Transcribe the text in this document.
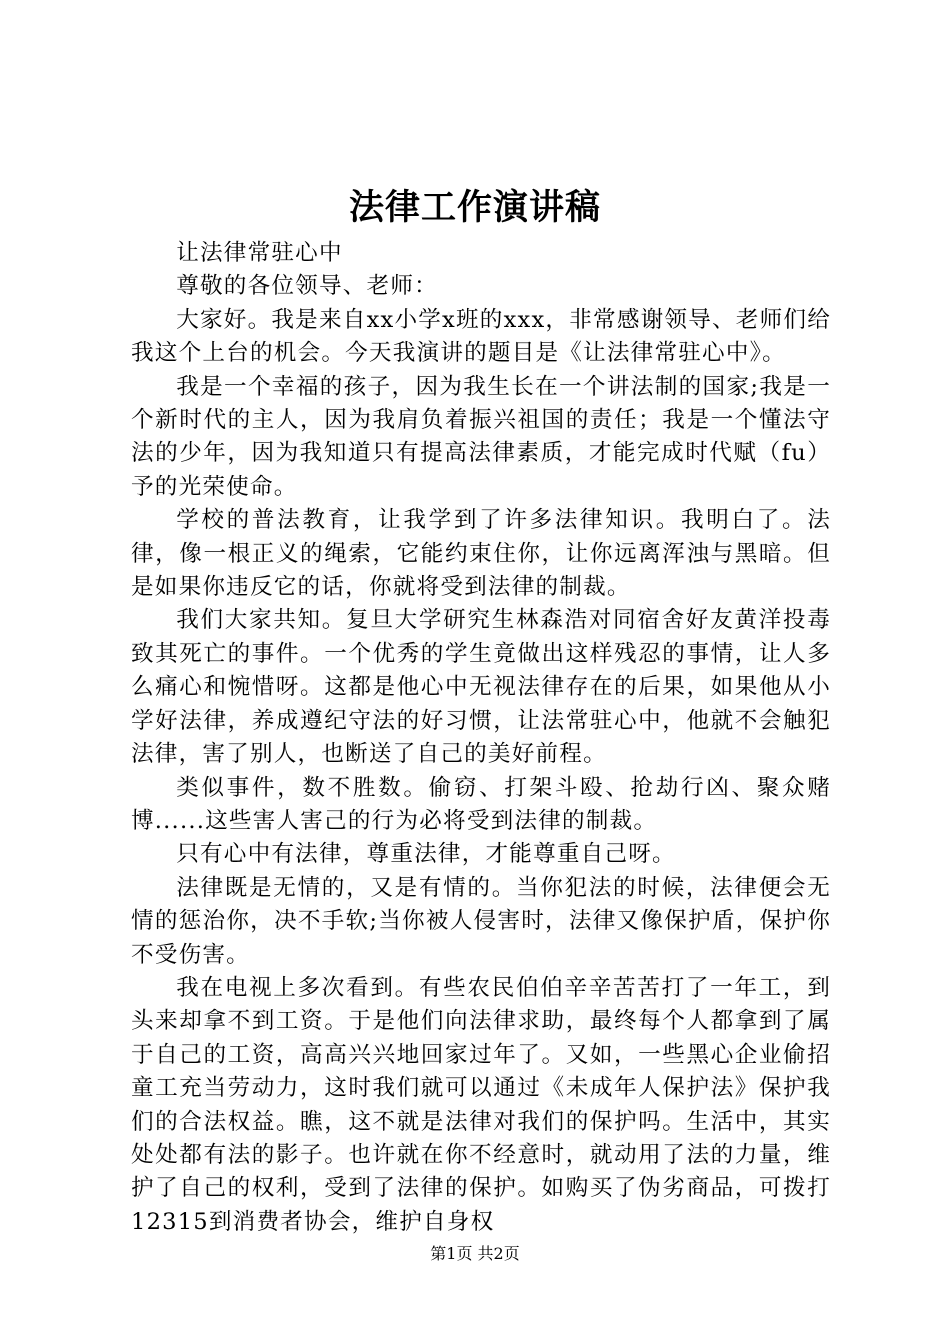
法律工作演讲稿

让法律常驻心中

尊敬的各位领导、老师：

大家好。我是来自xx小学x班的xxx，非常感谢领导、老师们给我这个上台的机会。今天我演讲的题目是《让法律常驻心中》。

我是一个幸福的孩子，因为我生长在一个讲法制的国家;我是一个新时代的主人，因为我肩负着振兴祖国的责任；我是一个懂法守法的少年，因为我知道只有提高法律素质，才能完成时代赋（fu）予的光荣使命。

学校的普法教育，让我学到了许多法律知识。我明白了。法律，像一根正义的绳索，它能约束住你，让你远离浑浊与黑暗。但是如果你违反它的话，你就将受到法律的制裁。

我们大家共知。复旦大学研究生林森浩对同宿舍好友黄洋投毒致其死亡的事件。一个优秀的学生竟做出这样残忍的事情，让人多么痛心和惋惜呀。这都是他心中无视法律存在的后果，如果他从小学好法律，养成遵纪守法的好习惯，让法常驻心中，他就不会触犯法律，害了别人，也断送了自己的美好前程。

类似事件，数不胜数。偷窃、打架斗殴、抢劫行凶、聚众赌博......这些害人害己的行为必将受到法律的制裁。

只有心中有法律，尊重法律，才能尊重自己呀。

法律既是无情的，又是有情的。当你犯法的时候，法律便会无情的惩治你，决不手软;当你被人侵害时，法律又像保护盾，保护你不受伤害。

我在电视上多次看到。有些农民伯伯辛辛苦苦打了一年工，到头来却拿不到工资。于是他们向法律求助，最终每个人都拿到了属于自己的工资，高高兴兴地回家过年了。又如，一些黑心企业偷招童工充当劳动力，这时我们就可以通过《未成年人保护法》保护我们的合法权益。瞧，这不就是法律对我们的保护吗。生活中，其实处处都有法的影子。也许就在你不经意时，就动用了法的力量，维护了自己的权利，受到了法律的保护。如购买了伪劣商品，可拨打12315到消费者协会，维护自身权

第1页 共2页
